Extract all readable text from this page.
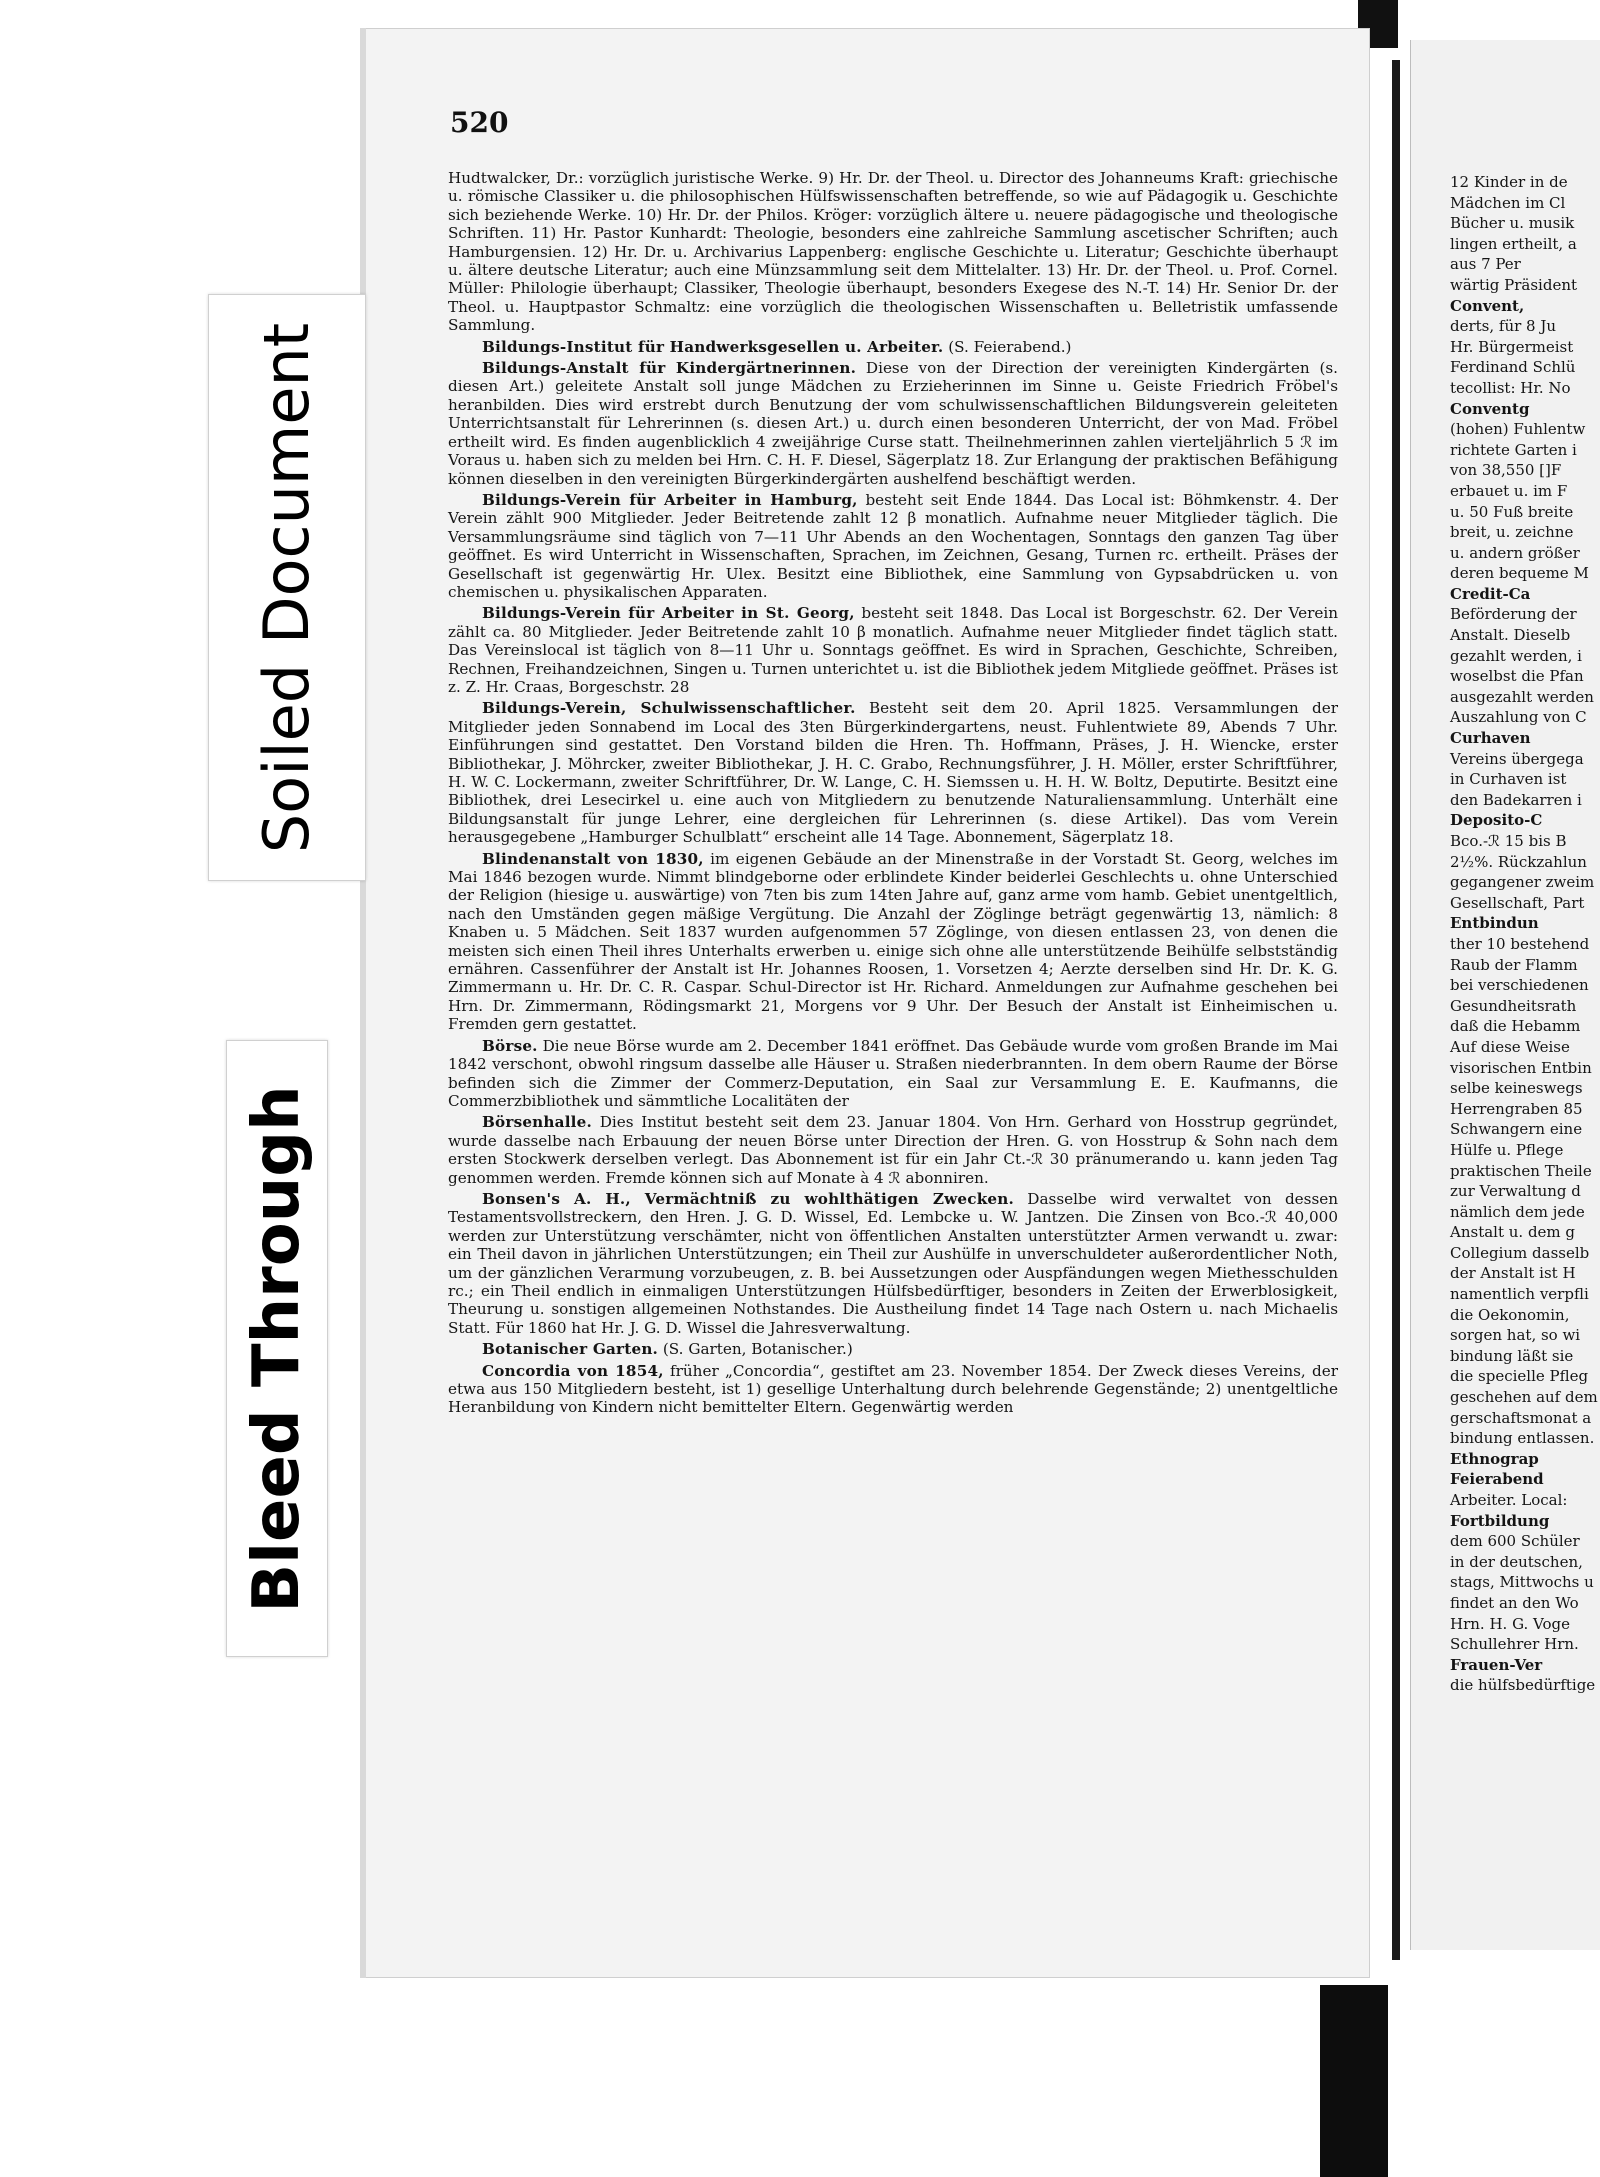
12 Kinder in de
Mädchen im Cl
Bücher u. musik
lingen ertheilt, a
aus 7 Per
wärtig Präsident
Convent,
derts, für 8 Ju
Hr. Bürgermeist
Ferdinand Schlü
tecollist: Hr. No
Conventg
(hohen) Fuhlentw
richtete Garten i
von 38,550 []F
erbauet u. im F
u. 50 Fuß breite
breit, u. zeichne
u. andern größer
deren bequeme M
Credit-Ca
Beförderung der
Anstalt. Dieselb
gezahlt werden, i
woselbst die Pfan
ausgezahlt werden
Auszahlung von C
Curhaven
Vereins übergega
in Curhaven ist
den Badekarren i
Deposito-C
Bco.-ℛ 15 bis B
2½%. Rückzahlun
gegangener zweim
Gesellschaft, Part
Entbindun
ther 10 bestehend
Raub der Flamm
bei verschiedenen
Gesundheitsrath
daß die Hebamm
Auf diese Weise
visorischen Entbin
selbe keineswegs
Herrengraben 85
Schwangern eine
Hülfe u. Pflege
praktischen Theile
zur Verwaltung d
nämlich dem jede
Anstalt u. dem g
Collegium dasselb
der Anstalt ist H
namentlich verpfli
die Oekonomin,
sorgen hat, so wi
bindung läßt sie
die specielle Pfleg
geschehen auf dem
gerschaftsmonat a
bindung entlassen.
Ethnograp
Feierabend
Arbeiter. Local:
Fortbildung
dem 600 Schüler
in der deutschen,
stags, Mittwochs u
findet an den Wo
Hrn. H. G. Voge
Schullehrer Hrn.
Frauen-Ver
die hülfsbedürftige
520

Hudtwalcker, Dr.: vorzüglich juristische Werke. 9) Hr. Dr. der Theol. u. Director des Johanneums Kraft: griechische u. römische Classiker u. die philosophischen Hülfswissenschaften betreffende, so wie auf Pädagogik u. Geschichte sich beziehende Werke. 10) Hr. Dr. der Philos. Kröger: vorzüglich ältere u. neuere pädagogische und theologische Schriften. 11) Hr. Pastor Kunhardt: Theologie, besonders eine zahlreiche Sammlung ascetischer Schriften; auch Hamburgensien. 12) Hr. Dr. u. Archivarius Lappenberg: englische Geschichte u. Literatur; Geschichte überhaupt u. ältere deutsche Literatur; auch eine Münzsammlung seit dem Mittelalter. 13) Hr. Dr. der Theol. u. Prof. Cornel. Müller: Philologie überhaupt; Classiker, Theologie überhaupt, besonders Exegese des N.-T. 14) Hr. Senior Dr. der Theol. u. Hauptpastor Schmaltz: eine vorzüglich die theologischen Wissenschaften u. Belletristik umfassende Sammlung.

Bildungs-Institut für Handwerksgesellen u. Arbeiter. (S. Feierabend.)

Bildungs-Anstalt für Kindergärtnerinnen. Diese von der Direction der vereinigten Kindergärten (s. diesen Art.) geleitete Anstalt soll junge Mädchen zu Erzieherinnen im Sinne u. Geiste Friedrich Fröbel's heranbilden. Dies wird erstrebt durch Benutzung der vom schulwissenschaftlichen Bildungsverein geleiteten Unterrichtsanstalt für Lehrerinnen (s. diesen Art.) u. durch einen besonderen Unterricht, der von Mad. Fröbel ertheilt wird. Es finden augenblicklich 4 zweijährige Curse statt. Theilnehmerinnen zahlen vierteljährlich 5 ℛ im Voraus u. haben sich zu melden bei Hrn. C. H. F. Diesel, Sägerplatz 18. Zur Erlangung der praktischen Befähigung können dieselben in den vereinigten Bürgerkindergärten aushelfend beschäftigt werden.

Bildungs-Verein für Arbeiter in Hamburg, besteht seit Ende 1844. Das Local ist: Böhmkenstr. 4. Der Verein zählt 900 Mitglieder. Jeder Beitretende zahlt 12 β monatlich. Aufnahme neuer Mitglieder täglich. Die Versammlungsräume sind täglich von 7—11 Uhr Abends an den Wochentagen, Sonntags den ganzen Tag über geöffnet. Es wird Unterricht in Wissenschaften, Sprachen, im Zeichnen, Gesang, Turnen rc. ertheilt. Präses der Gesellschaft ist gegenwärtig Hr. Ulex. Besitzt eine Bibliothek, eine Sammlung von Gypsabdrücken u. von chemischen u. physikalischen Apparaten.

Bildungs-Verein für Arbeiter in St. Georg, besteht seit 1848. Das Local ist Borgeschstr. 62. Der Verein zählt ca. 80 Mitglieder. Jeder Beitretende zahlt 10 β monatlich. Aufnahme neuer Mitglieder findet täglich statt. Das Vereinslocal ist täglich von 8—11 Uhr u. Sonntags geöffnet. Es wird in Sprachen, Geschichte, Schreiben, Rechnen, Freihandzeichnen, Singen u. Turnen unterichtet u. ist die Bibliothek jedem Mitgliede geöffnet. Präses ist z. Z. Hr. Craas, Borgeschstr. 28

Bildungs-Verein, Schulwissenschaftlicher. Besteht seit dem 20. April 1825. Versammlungen der Mitglieder jeden Sonnabend im Local des 3ten Bürgerkindergartens, neust. Fuhlentwiete 89, Abends 7 Uhr. Einführungen sind gestattet. Den Vorstand bilden die Hren. Th. Hoffmann, Präses, J. H. Wiencke, erster Bibliothekar, J. Möhrcker, zweiter Bibliothekar, J. H. C. Grabo, Rechnungsführer, J. H. Möller, erster Schriftführer, H. W. C. Lockermann, zweiter Schriftführer, Dr. W. Lange, C. H. Siemssen u. H. H. W. Boltz, Deputirte. Besitzt eine Bibliothek, drei Lesecirkel u. eine auch von Mitgliedern zu benutzende Naturaliensammlung. Unterhält eine Bildungsanstalt für junge Lehrer, eine dergleichen für Lehrerinnen (s. diese Artikel). Das vom Verein herausgegebene „Hamburger Schulblatt“ erscheint alle 14 Tage. Abonnement, Sägerplatz 18.

Blindenanstalt von 1830, im eigenen Gebäude an der Minenstraße in der Vorstadt St. Georg, welches im Mai 1846 bezogen wurde. Nimmt blindgeborne oder erblindete Kinder beiderlei Geschlechts u. ohne Unterschied der Religion (hiesige u. auswärtige) von 7ten bis zum 14ten Jahre auf, ganz arme vom hamb. Gebiet unentgeltlich, nach den Umständen gegen mäßige Vergütung. Die Anzahl der Zöglinge beträgt gegenwärtig 13, nämlich: 8 Knaben u. 5 Mädchen. Seit 1837 wurden aufgenommen 57 Zöglinge, von diesen entlassen 23, von denen die meisten sich einen Theil ihres Unterhalts erwerben u. einige sich ohne alle unterstützende Beihülfe selbstständig ernähren. Cassenführer der Anstalt ist Hr. Johannes Roosen, 1. Vorsetzen 4; Aerzte derselben sind Hr. Dr. K. G. Zimmermann u. Hr. Dr. C. R. Caspar. Schul-Director ist Hr. Richard. Anmeldungen zur Aufnahme geschehen bei Hrn. Dr. Zimmermann, Rödingsmarkt 21, Morgens vor 9 Uhr. Der Besuch der Anstalt ist Einheimischen u. Fremden gern gestattet.

Börse. Die neue Börse wurde am 2. December 1841 eröffnet. Das Gebäude wurde vom großen Brande im Mai 1842 verschont, obwohl ringsum dasselbe alle Häuser u. Straßen niederbrannten. In dem obern Raume der Börse befinden sich die Zimmer der Commerz-Deputation, ein Saal zur Versammlung E. E. Kaufmanns, die Commerzbibliothek und sämmtliche Localitäten der

Börsenhalle. Dies Institut besteht seit dem 23. Januar 1804. Von Hrn. Gerhard von Hosstrup gegründet, wurde dasselbe nach Erbauung der neuen Börse unter Direction der Hren. G. von Hosstrup & Sohn nach dem ersten Stockwerk derselben verlegt. Das Abonnement ist für ein Jahr Ct.-ℛ 30 pränumerando u. kann jeden Tag genommen werden. Fremde können sich auf Monate à 4 ℛ abonniren.

Bonsen's A. H., Vermächtniß zu wohlthätigen Zwecken. Dasselbe wird verwaltet von dessen Testamentsvollstreckern, den Hren. J. G. D. Wissel, Ed. Lembcke u. W. Jantzen. Die Zinsen von Bco.-ℛ 40,000 werden zur Unterstützung verschämter, nicht von öffentlichen Anstalten unterstützter Armen verwandt u. zwar: ein Theil davon in jährlichen Unterstützungen; ein Theil zur Aushülfe in unverschuldeter außerordentlicher Noth, um der gänzlichen Verarmung vorzubeugen, z. B. bei Aussetzungen oder Auspfändungen wegen Miethesschulden rc.; ein Theil endlich in einmaligen Unterstützungen Hülfsbedürftiger, besonders in Zeiten der Erwerblosigkeit, Theurung u. sonstigen allgemeinen Nothstandes. Die Austheilung findet 14 Tage nach Ostern u. nach Michaelis Statt. Für 1860 hat Hr. J. G. D. Wissel die Jahresverwaltung.

Botanischer Garten. (S. Garten, Botanischer.)

Concordia von 1854, früher „Concordia“, gestiftet am 23. November 1854. Der Zweck dieses Vereins, der etwa aus 150 Mitgliedern besteht, ist 1) gesellige Unterhaltung durch belehrende Gegenstände; 2) unentgeltliche Heranbildung von Kindern nicht bemittelter Eltern. Gegenwärtig werden

Soiled Document
Bleed Through
